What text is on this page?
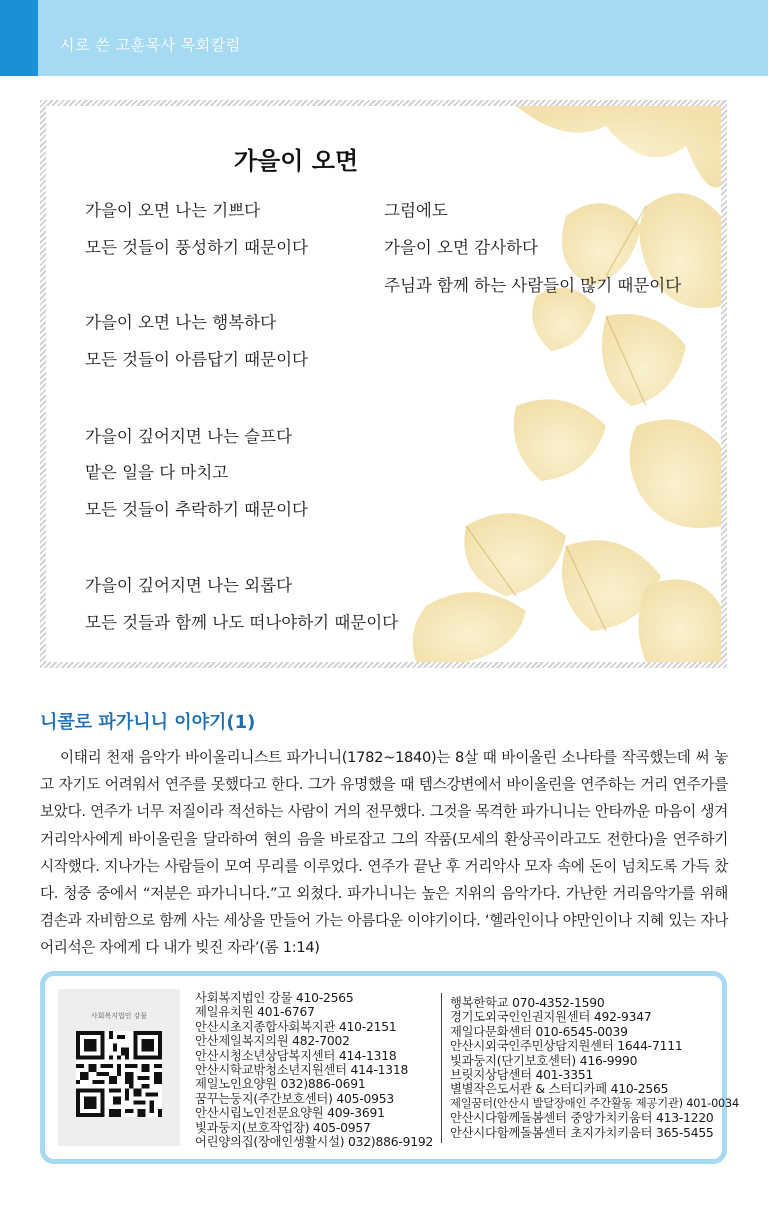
시로 쓴 고훈목사 목회칼럼
가을이 오면
가을이 오면 나는 기쁘다
모든 것들이 풍성하기 때문이다
가을이 오면 나는 행복하다
모든 것들이 아름답기 때문이다
가을이 깊어지면 나는 슬프다
맡은 일을 다 마치고
모든 것들이 추락하기 때문이다
가을이 깊어지면 나는 외롭다
모든 것들과 함께 나도 떠나야하기 때문이다
그럼에도
가을이 오면 감사하다
주님과 함께 하는 사람들이 많기 때문이다
니콜로 파가니니 이야기(1)

이태리 천재 음악가 바이올리니스트 파가니니(1782~1840)는 8살 때 바이올린 소나타를 작곡했는데 써 놓고 자기도 어려워서 연주를 못했다고 한다. 그가 유명했을 때 템스강변에서 바이올린을 연주하는 거리 연주가를 보았다. 연주가 너무 저질이라 적선하는 사람이 거의 전무했다. 그것을 목격한 파가니니는 안타까운 마음이 생겨 거리악사에게 바이올린을 달라하여 현의 음을 바로잡고 그의 작품(모세의 환상곡이라고도 전한다)을 연주하기 시작했다. 지나가는 사람들이 모여 무리를 이루었다. 연주가 끝난 후 거리악사 모자 속에 돈이 넘치도록 가득 찼다. 청중 중에서 “저분은 파가니니다.”고 외쳤다. 파가니니는 높은 지위의 음악가다. 가난한 거리음악가를 위해 겸손과 자비함으로 함께 사는 세상을 만들어 가는 아름다운 이야기이다. ‘헬라인이나 야만인이나 지혜 있는 자나 어리석은 자에게 다 내가 빚진 자라’(롬 1:14)

사회복지법인 강물
사회복지법인 강물 410-2565
제일유치원 401-6767
안산시초지종합사회복지관 410-2151
안산제일복지의원 482-7002
안산시청소년상담복지센터 414-1318
안산시학교밖청소년지원센터 414-1318
제일노인요양원 032)886-0691
꿈꾸는둥지(주간보호센터) 405-0953
안산시립노인전문요양원 409-3691
빛과둥지(보호작업장) 405-0957
어린양의집(장애인생활시설) 032)886-9192
행복한학교 070-4352-1590
경기도외국인인권지원센터 492-9347
제일다문화센터 010-6545-0039
안산시외국인주민상담지원센터 1644-7111
빛과둥지(단기보호센터) 416-9990
브릿지상담센터 401-3351
별별작은도서관 & 스터디카페 410-2565
제일꿈터(안산시 발달장애인 주간활동 제공기관) 401-0034
안산시다함께돌봄센터 중앙가치키움터 413-1220
안산시다함께돌봄센터 초지가치키움터 365-5455
